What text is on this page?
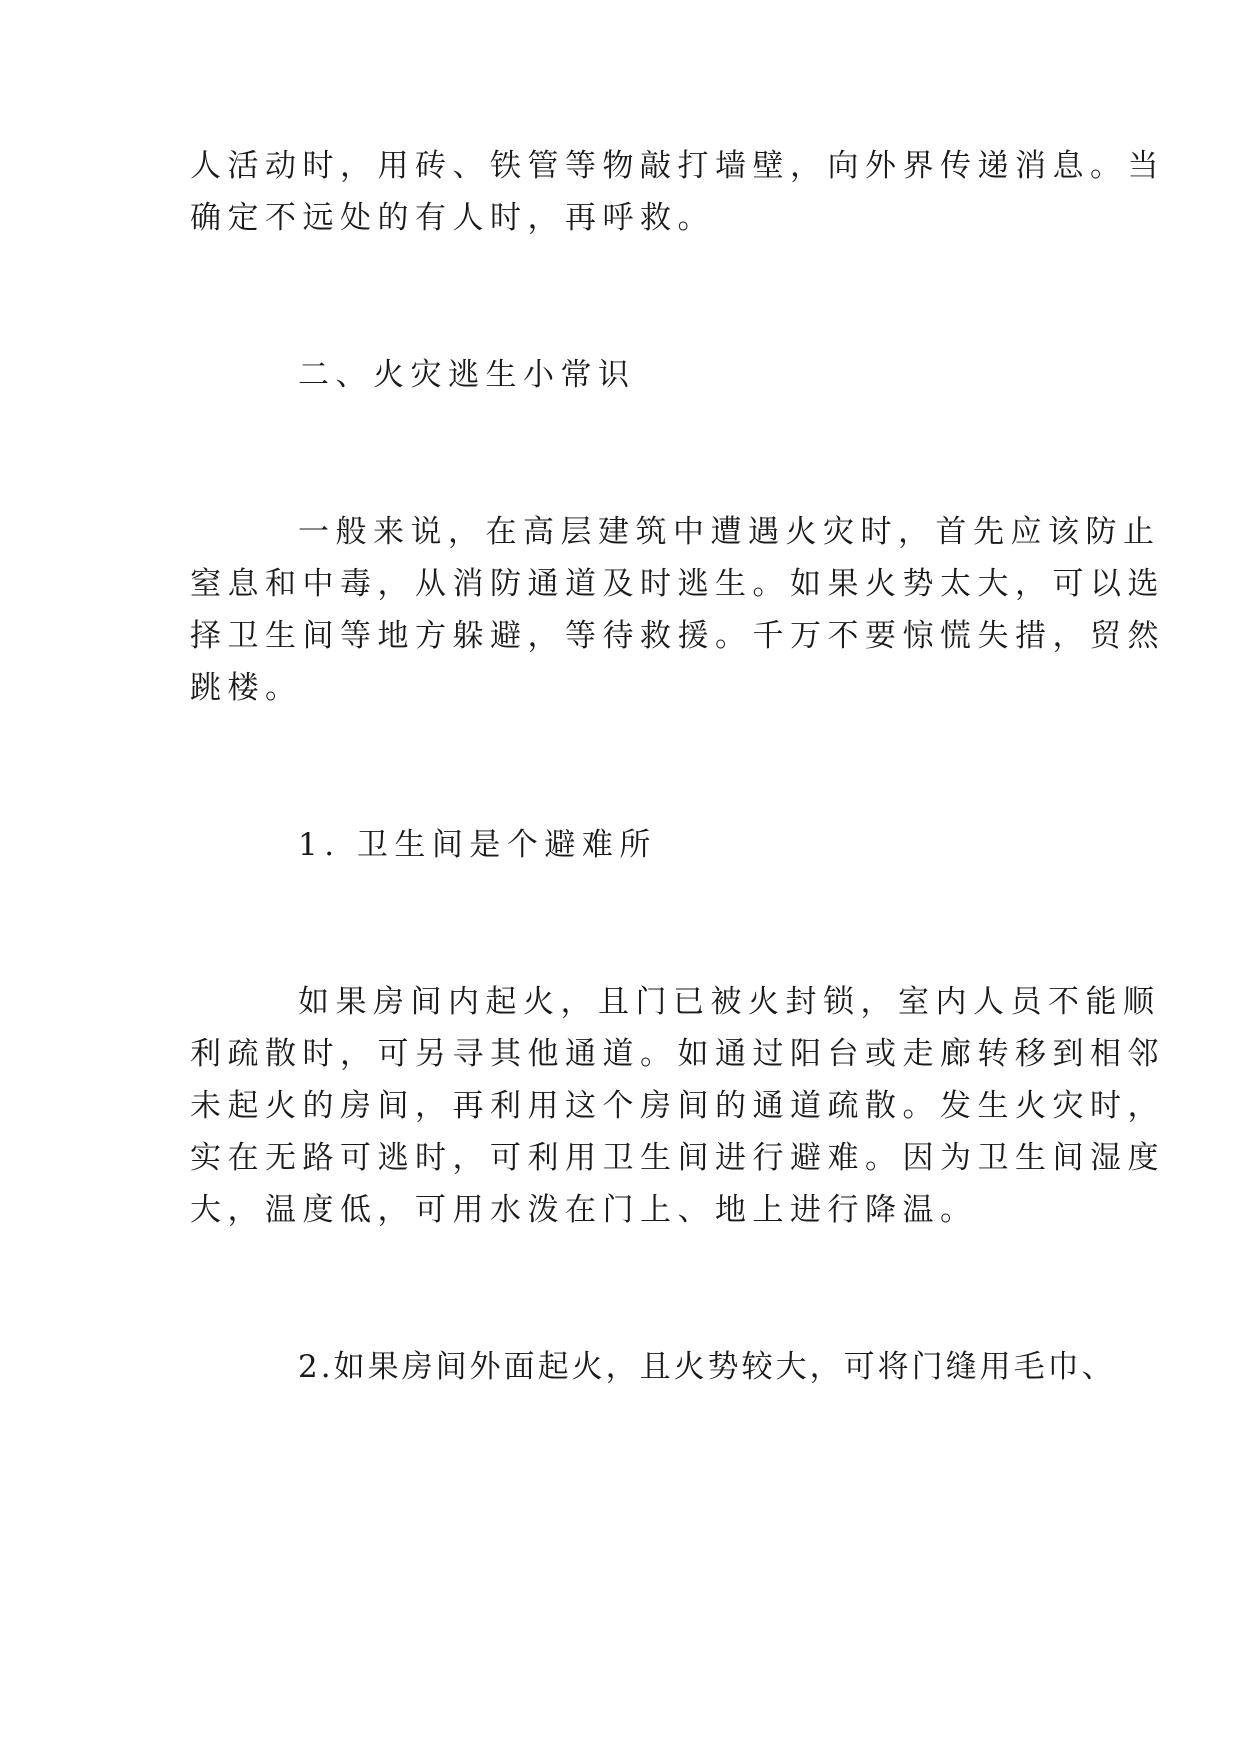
人活动时，用砖、铁管等物敲打墙壁，向外界传递消息。当

确定不远处的有人时，再呼救。

二、火灾逃生小常识

一般来说，在高层建筑中遭遇火灾时，首先应该防止

窒息和中毒，从消防通道及时逃生。如果火势太大，可以选

择卫生间等地方躲避，等待救援。千万不要惊慌失措，贸然

跳楼。

1. 卫生间是个避难所

如果房间内起火，且门已被火封锁，室内人员不能顺

利疏散时，可另寻其他通道。如通过阳台或走廊转移到相邻

未起火的房间，再利用这个房间的通道疏散。发生火灾时，

实在无路可逃时，可利用卫生间进行避难。因为卫生间湿度

大，温度低，可用水泼在门上、地上进行降温。

2.如果房间外面起火，且火势较大，可将门缝用毛巾、
